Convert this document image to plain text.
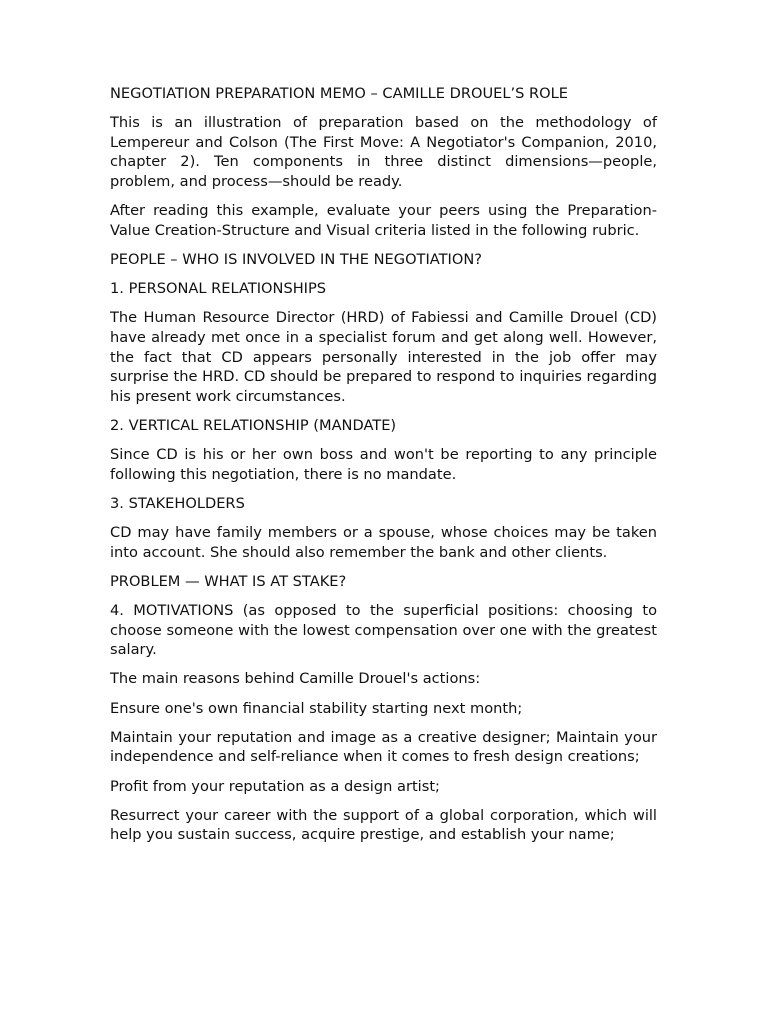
NEGOTIATION PREPARATION MEMO – CAMILLE DROUEL’S ROLE

This is an illustration of preparation based on the methodology of Lempereur and Colson (The First Move: A Negotiator's Companion, 2010, chapter 2). Ten components in three distinct dimensions—people, problem, and process—should be ready.

After reading this example, evaluate your peers using the Preparation-Value Creation-Structure and Visual criteria listed in the following rubric.

PEOPLE – WHO IS INVOLVED IN THE NEGOTIATION?

1. PERSONAL RELATIONSHIPS

The Human Resource Director (HRD) of Fabiessi and Camille Drouel (CD) have already met once in a specialist forum and get along well. However, the fact that CD appears personally interested in the job offer may surprise the HRD. CD should be prepared to respond to inquiries regarding his present work circumstances.

2. VERTICAL RELATIONSHIP (MANDATE)

Since CD is his or her own boss and won't be reporting to any principle following this negotiation, there is no mandate.

3. STAKEHOLDERS

CD may have family members or a spouse, whose choices may be taken into account. She should also remember the bank and other clients.

PROBLEM — WHAT IS AT STAKE?

4. MOTIVATIONS (as opposed to the superficial positions: choosing to choose someone with the lowest compensation over one with the greatest salary.

The main reasons behind Camille Drouel's actions:

Ensure one's own financial stability starting next month;

Maintain your reputation and image as a creative designer; Maintain your independence and self-reliance when it comes to fresh design creations;

Profit from your reputation as a design artist;

Resurrect your career with the support of a global corporation, which will help you sustain success, acquire prestige, and establish your name;
